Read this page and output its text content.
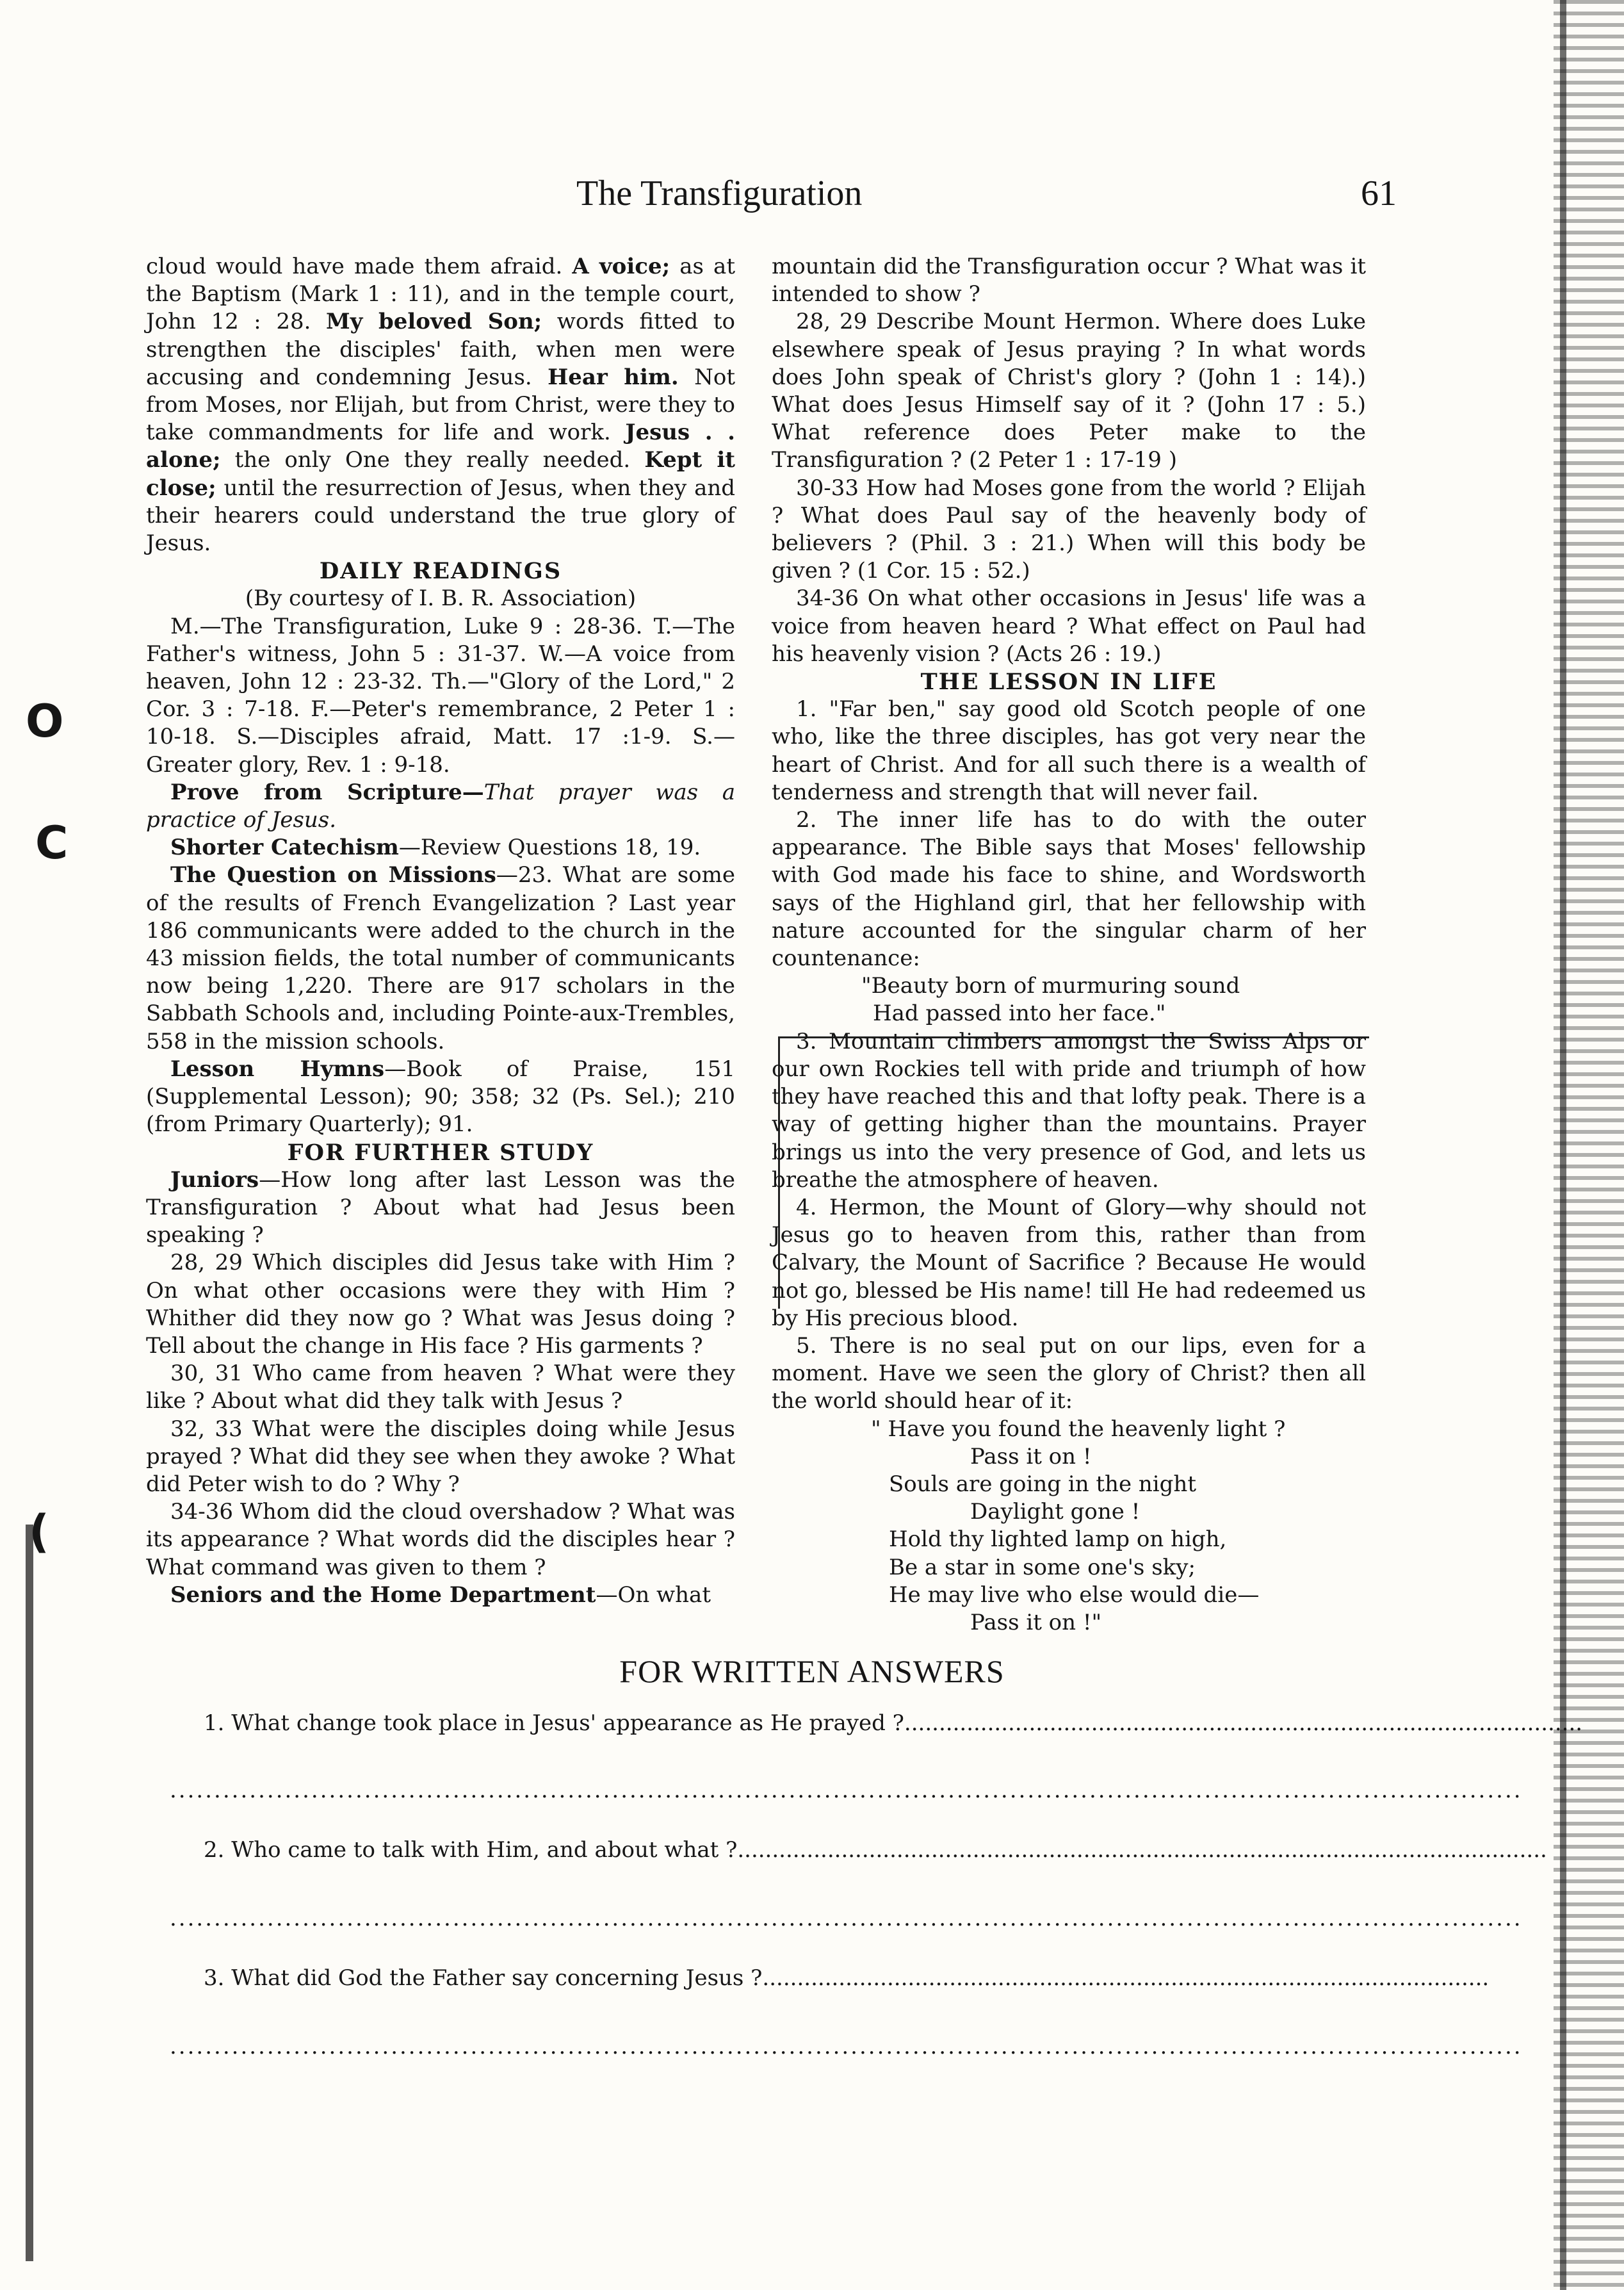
O
C
(
The Transfiguration	61

cloud would have made them afraid. A voice; as at the Baptism (Mark 1 : 11), and in the temple court, John 12 : 28. My beloved Son; words fitted to strengthen the disciples' faith, when men were accusing and condemning Jesus. Hear him. Not from Moses, nor Elijah, but from Christ, were they to take commandments for life and work. Jesus . . alone; the only One they really needed. Kept it close; until the resurrection of Jesus, when they and their hearers could understand the true glory of Jesus.

DAILY READINGS

(By courtesy of I. B. R. Association)

M.—The Transfiguration, Luke 9 : 28-36. T.—The Father's witness, John 5 : 31-37. W.—A voice from heaven, John 12 : 23-32. Th.—"Glory of the Lord," 2 Cor. 3 : 7-18. F.—Peter's remembrance, 2 Peter 1 : 10-18. S.—Disciples afraid, Matt. 17 :1-9. S.—Greater glory, Rev. 1 : 9-18.

Prove from Scripture—That prayer was a practice of Jesus.

Shorter Catechism—Review Questions 18, 19.

The Question on Missions—23. What are some of the results of French Evangelization ? Last year 186 communicants were added to the church in the 43 mission fields, the total number of communicants now being 1,220. There are 917 scholars in the Sabbath Schools and, including Pointe-aux-Trembles, 558 in the mission schools.

Lesson Hymns—Book of Praise, 151 (Supplemental Lesson); 90; 358; 32 (Ps. Sel.); 210 (from Primary Quarterly); 91.

FOR FURTHER STUDY

Juniors—How long after last Lesson was the Transfiguration ? About what had Jesus been speaking ?

28, 29 Which disciples did Jesus take with Him ? On what other occasions were they with Him ? Whither did they now go ? What was Jesus doing ? Tell about the change in His face ? His garments ?

30, 31 Who came from heaven ? What were they like ? About what did they talk with Jesus ?

32, 33 What were the disciples doing while Jesus prayed ? What did they see when they awoke ? What did Peter wish to do ? Why ?

34-36 Whom did the cloud overshadow ? What was its appearance ? What words did the disciples hear ? What command was given to them ?

Seniors and the Home Department—On what

mountain did the Transfiguration occur ? What was it intended to show ?

28, 29 Describe Mount Hermon. Where does Luke elsewhere speak of Jesus praying ? In what words does John speak of Christ's glory ? (John 1 : 14).) What does Jesus Himself say of it ? (John 17 : 5.) What reference does Peter make to the Transfiguration ? (2 Peter 1 : 17-19 )

30-33 How had Moses gone from the world ? Elijah ? What does Paul say of the heavenly body of believers ? (Phil. 3 : 21.) When will this body be given ? (1 Cor. 15 : 52.)

34-36 On what other occasions in Jesus' life was a voice from heaven heard ? What effect on Paul had his heavenly vision ? (Acts 26 : 19.)

THE LESSON IN LIFE

1. "Far ben," say good old Scotch people of one who, like the three disciples, has got very near the heart of Christ. And for all such there is a wealth of tenderness and strength that will never fail.

2. The inner life has to do with the outer appearance. The Bible says that Moses' fellowship with God made his face to shine, and Wordsworth says of the Highland girl, that her fellowship with nature accounted for the singular charm of her countenance:

"Beauty born of murmuring sound

Had passed into her face."

3. Mountain climbers amongst the Swiss Alps or our own Rockies tell with pride and triumph of how they have reached this and that lofty peak. There is a way of getting higher than the mountains. Prayer brings us into the very presence of God, and lets us breathe the atmosphere of heaven.

4. Hermon, the Mount of Glory—why should not Jesus go to heaven from this, rather than from Calvary, the Mount of Sacrifice ? Because He would not go, blessed be His name! till He had redeemed us by His precious blood.

5. There is no seal put on our lips, even for a moment. Have we seen the glory of Christ? then all the world should hear of it:

" Have you found the heavenly light ?
Pass it on !
Souls are going in the night
Daylight gone !
Hold thy lighted lamp on high,
Be a star in some one's sky;
He may live who else would die—
Pass it on !"
FOR WRITTEN ANSWERS
1. What change took place in Jesus' appearance as He prayed ?..................................................................................................
.........................................................................................................................................................
2. Who came to talk with Him, and about what ?.....................................................................................................................
.........................................................................................................................................................
3. What did God the Father say concerning Jesus ?.........................................................................................................
.........................................................................................................................................................
